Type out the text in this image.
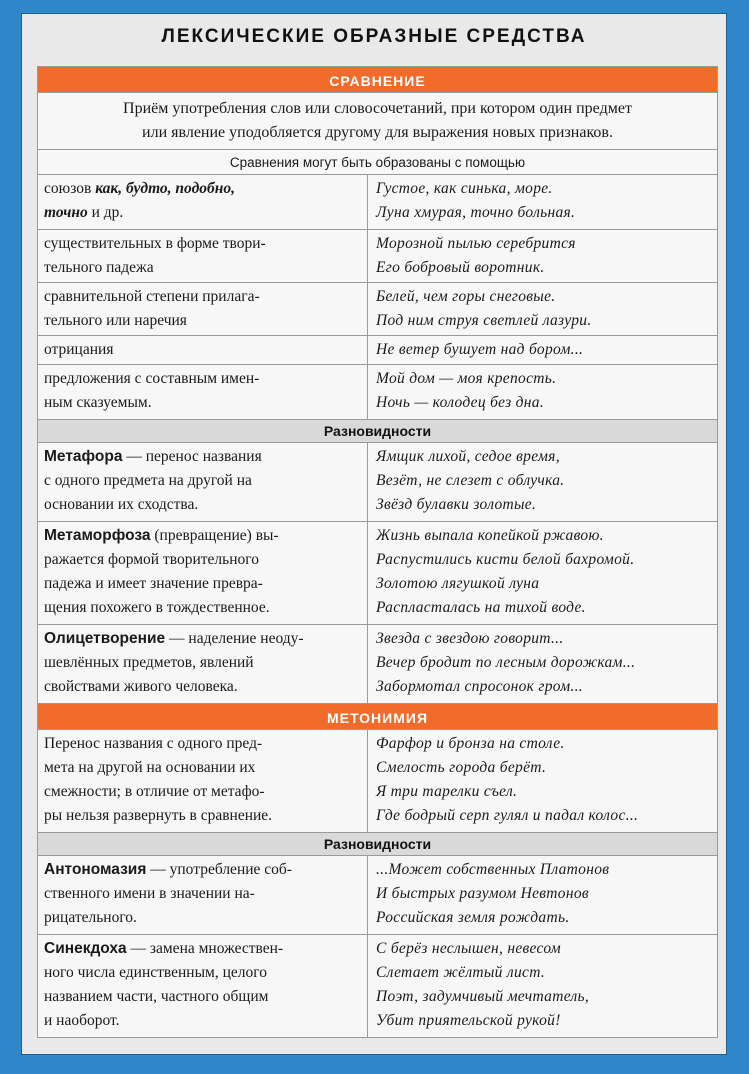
ЛЕКСИЧЕСКИЕ ОБРАЗНЫЕ СРЕДСТВА
СРАВНЕНИЕ	

Приём употребления слов или словосочетаний, при котором один предмет
или явление уподобляется другому для выражения новых признаков.	

Сравнения могут быть образованы с помощью	
союзов как, будто, подобно,
точно и др.	Густое, как синька, море.
Луна хмурая, точно больная.

существительных в форме твори-
тельного падежа	Морозной пылью серебрится
Его бобровый воротник.

сравнительной степени прилага-
тельного или наречия	Белей, чем горы снеговые.
Под ним струя светлей лазури.

отрицания	Не ветер бушует над бором...

предложения с составным имен-
ным сказуемым.	Мой дом — моя крепость.
Ночь — колодец без дна.

Разновидности	
Метафора — перенос названия
с одного предмета на другой на
основании их сходства.	Ямщик лихой, седое время,
Везёт, не слезет с облучка.
Звёзд булавки золотые.

Метаморфоза (превращение) вы-
ражается формой творительного
падежа и имеет значение превра-
щения похожего в тождественное.	Жизнь выпала копейкой ржавою.
Распустились кисти белой бахромой.
Золотою лягушкой луна
Распласталась на тихой воде.

Олицетворение — наделение неоду-
шевлённых предметов, явлений
свойствами живого человека.	Звезда с звездою говорит...
Вечер бродит по лесным дорожкам...
Забормотал спросонок гром...

МЕТОНИМИЯ	

Перенос названия с одного пред-
мета на другой на основании их
смежности; в отличие от метафо-
ры нельзя развернуть в сравнение.	Фарфор и бронза на столе.
Смелость города берёт.
Я три тарелки съел.
Где бодрый серп гулял и падал колос...

Разновидности	
Антономазия — употребление соб-
ственного имени в значении на-
рицательного.	...Может собственных Платонов
И быстрых разумом Невтонов
Российская земля рождать.

Синекдоха — замена множествен-
ного числа единственным, целого
названием части, частного общим
и наоборот.	С берёз неслышен, невесом
Слетает жёлтый лист.
Поэт, задумчивый мечтатель,
Убит приятельской рукой!
